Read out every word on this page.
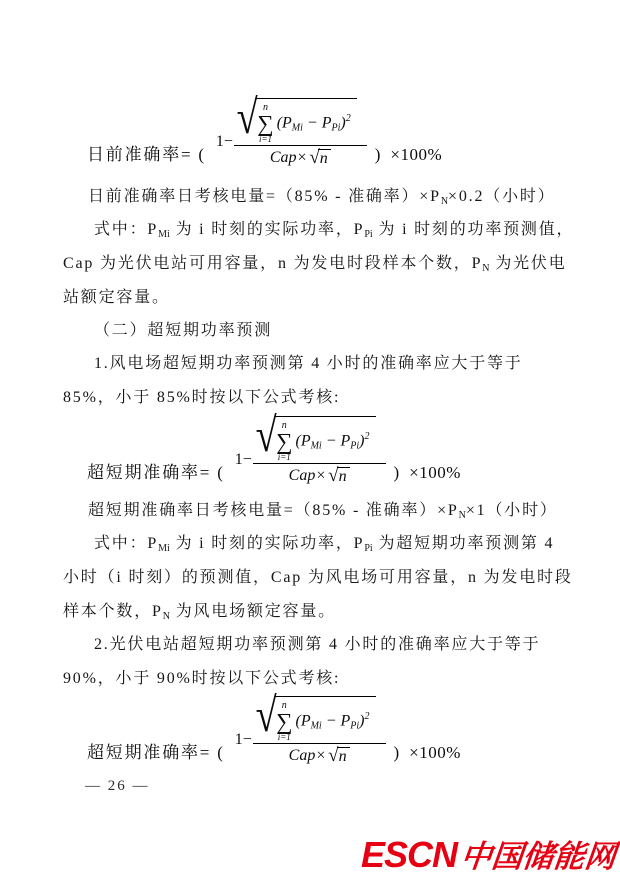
日前准确率= (
1− √ n
∑
i=1
$(P_{Mi} - P_{Pi})^2$
Cap× √ n	) ×100%
日前准确率日考核电量=（85% - 准确率）$\times P_N\times 0.2$（小时）
式中：$P_{Mi}$ 为 i 时刻的实际功率，$P_{Pi}$ 为 i 时刻的功率预测值，
Cap 为光伏电站可用容量，n 为发电时段样本个数，$P_N$ 为光伏电
站额定容量。
（二）超短期功率预测
1.风电场超短期功率预测第 4 小时的准确率应大于等于
85%，小于 85%时按以下公式考核:
超短期准确率= (
1− √ n
∑
i=1
$(P_{Mi} - P_{Pi})^2$
Cap× √ n	) ×100%
超短期准确率日考核电量=（85% - 准确率）$\times P_N\times 1$（小时）
式中：$P_{Mi}$ 为 i 时刻的实际功率，$P_{Pi}$ 为超短期功率预测第 4
小时（i 时刻）的预测值，Cap 为风电场可用容量，n 为发电时段
样本个数，$P_N$ 为风电场额定容量。
2.光伏电站超短期功率预测第 4 小时的准确率应大于等于
90%，小于 90%时按以下公式考核:
超短期准确率= (
1− √ n
∑
i=1
$(P_{Mi} - P_{Pi})^2$
Cap× √ n	) ×100%
— 26 —
ESCN 中国储能网
